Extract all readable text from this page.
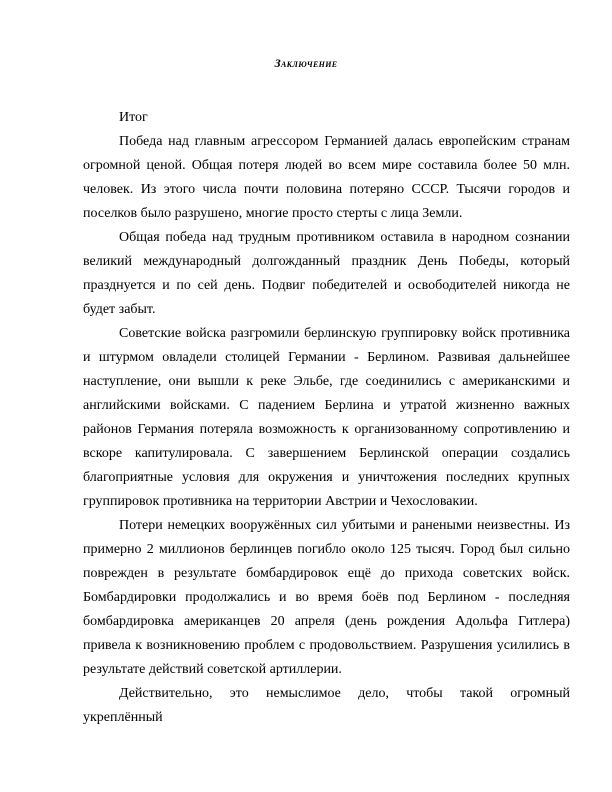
Заключение

Итог

Победа над главным агрессором Германией далась европейским странам огромной ценой. Общая потеря людей во всем мире составила более 50 млн. человек. Из этого числа почти половина потеряно СССР. Тысячи городов и поселков было разрушено, многие просто стерты с лица Земли.

Общая победа над трудным противником оставила в народном сознании великий международный долгожданный праздник День Победы, который празднуется и по сей день. Подвиг победителей и освободителей никогда не будет забыт.

Советские войска разгромили берлинскую группировку войск противника и штурмом овладели столицей Германии - Берлином. Развивая дальнейшее наступление, они вышли к реке Эльбе, где соединились с американскими и английскими войсками. С падением Берлина и утратой жизненно важных районов Германия потеряла возможность к организованному сопротивлению и вскоре капитулировала. С завершением Берлинской операции создались благоприятные условия для окружения и уничтожения последних крупных группировок противника на территории Австрии и Чехословакии.

Потери немецких вооружённых сил убитыми и ранеными неизвестны. Из примерно 2 миллионов берлинцев погибло около 125 тысяч. Город был сильно поврежден в результате бомбардировок ещё до прихода советских войск. Бомбардировки продолжались и во время боёв под Берлином - последняя бомбардировка американцев 20 апреля (день рождения Адольфа Гитлера) привела к возникновению проблем с продовольствием. Разрушения усилились в результате действий советской артиллерии.

Действительно, это немыслимое дело, чтобы такой огромный укреплённый
